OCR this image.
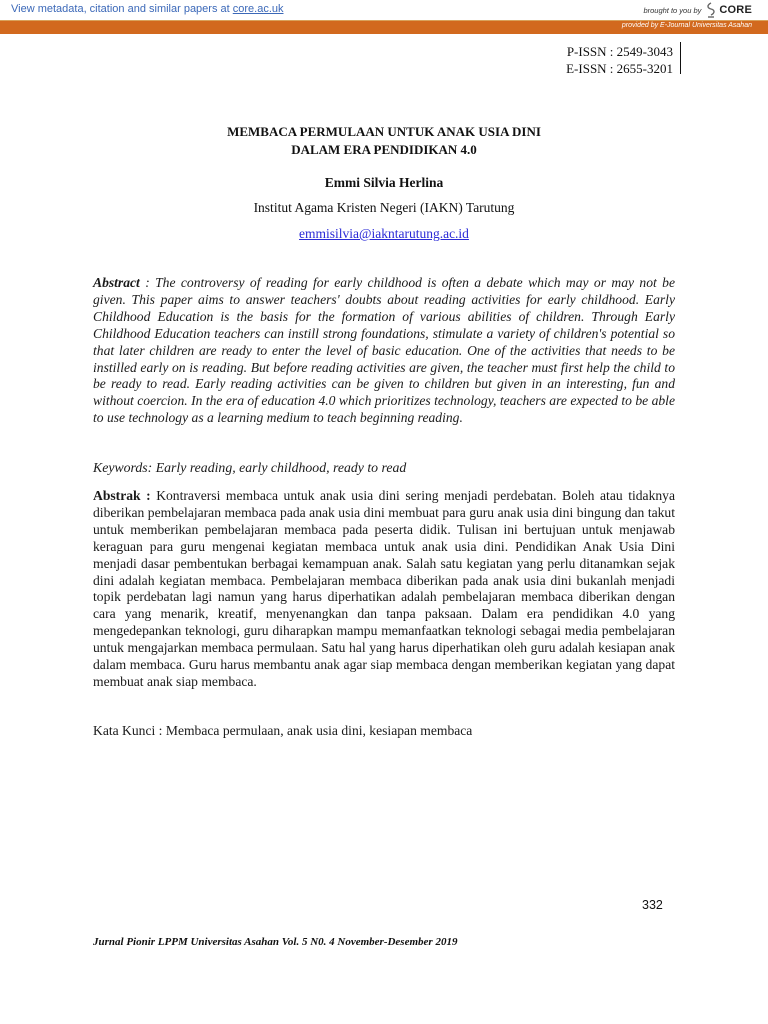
View metadata, citation and similar papers at core.ac.uk	brought to you by CORE
provided by E-Journal Universitas Asahan
P-ISSN : 2549-3043
E-ISSN : 2655-3201
MEMBACA PERMULAAN UNTUK ANAK USIA DINI
DALAM ERA PENDIDIKAN 4.0
Emmi Silvia Herlina
Institut Agama Kristen Negeri (IAKN) Tarutung
emmisilvia@iakntarutung.ac.id

Abstract : The controversy of reading for early childhood is often a debate which may or may not be given. This paper aims to answer teachers' doubts about reading activities for early childhood. Early Childhood Education is the basis for the formation of various abilities of children. Through Early Childhood Education teachers can instill strong foundations, stimulate a variety of children's potential so that later children are ready to enter the level of basic education. One of the activities that needs to be instilled early on is reading. But before reading activities are given, the teacher must first help the child to be ready to read. Early reading activities can be given to children but given in an interesting, fun and without coercion. In the era of education 4.0 which prioritizes technology, teachers are expected to be able to use technology as a learning medium to teach beginning reading.

Keywords: Early reading, early childhood, ready to read

Abstrak : Kontraversi membaca untuk anak usia dini sering menjadi perdebatan. Boleh atau tidaknya diberikan pembelajaran membaca pada anak usia dini membuat para guru anak usia dini bingung dan takut untuk memberikan pembelajaran membaca pada peserta didik. Tulisan ini bertujuan untuk menjawab keraguan para guru mengenai kegiatan membaca untuk anak usia dini. Pendidikan Anak Usia Dini menjadi dasar pembentukan berbagai kemampuan anak. Salah satu kegiatan yang perlu ditanamkan sejak dini adalah kegiatan membaca. Pembelajaran membaca diberikan pada anak usia dini bukanlah menjadi topik perdebatan lagi namun yang harus diperhatikan adalah pembelajaran membaca diberikan dengan cara yang menarik, kreatif, menyenangkan dan tanpa paksaan. Dalam era pendidikan 4.0 yang mengedepankan teknologi, guru diharapkan mampu memanfaatkan teknologi sebagai media pembelajaran untuk mengajarkan membaca permulaan. Satu hal yang harus diperhatikan oleh guru adalah kesiapan anak dalam membaca. Guru harus membantu anak agar siap membaca dengan memberikan kegiatan yang dapat membuat anak siap membaca.

Kata Kunci : Membaca permulaan, anak usia dini, kesiapan membaca

332
Jurnal Pionir LPPM Universitas Asahan Vol. 5 N0. 4 November-Desember 2019
